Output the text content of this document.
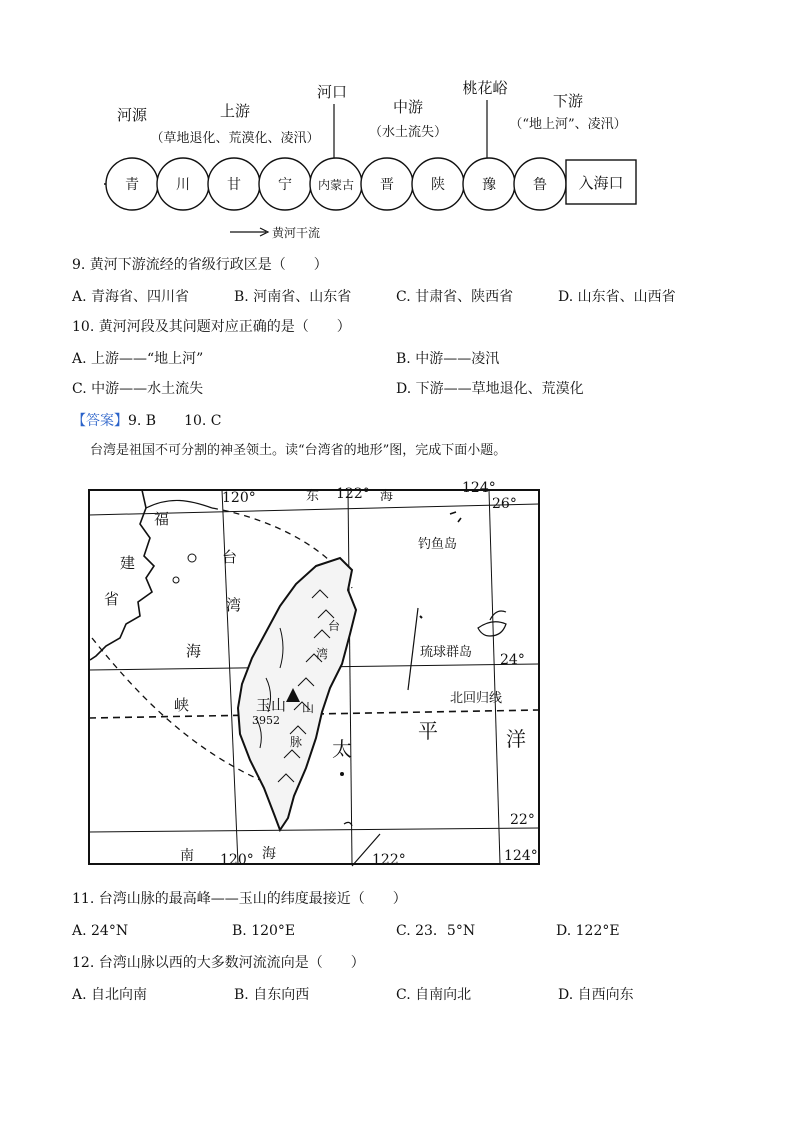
河源	上游
（草地退化、荒漠化、凌汛）
河口
中游
（水土流失）
桃花峪
下游
（“地上河”、凌汛）
青	川	甘	宁 内蒙古 晋	陕	豫	鲁 入海口
黄河干流
9. 黄河下游流经的省级行政区是（　　）
A. 青海省、四川省	B. 河南省、山东省	C. 甘肃省、陕西省	D. 山东省、山西省
10. 黄河河段及其问题对应正确的是（　　）
A. 上游——“地上河”	B. 中游——凌汛
C. 中游——水土流失	D. 下游——草地退化、荒漠化
【答案】9. B　　10. C
台湾是祖国不可分割的神圣领土。读“台湾省的地形”图，完成下面小题。
120°	122°	124°
120°	122°	124°
26°
24°
22°
东	海
南	海
福
建
省
台
湾
海
峡
钓鱼岛
琉球群岛
北回归线
玉山
3952
台
湾
山
脉 太
平	洋
11. 台湾山脉的最高峰——玉山的纬度最接近（　　）
A. 24°N	B. 120°E	C. 23．5°N	D. 122°E
12. 台湾山脉以西的大多数河流流向是（　　）
A. 自北向南	B. 自东向西	C. 自南向北	D. 自西向东
